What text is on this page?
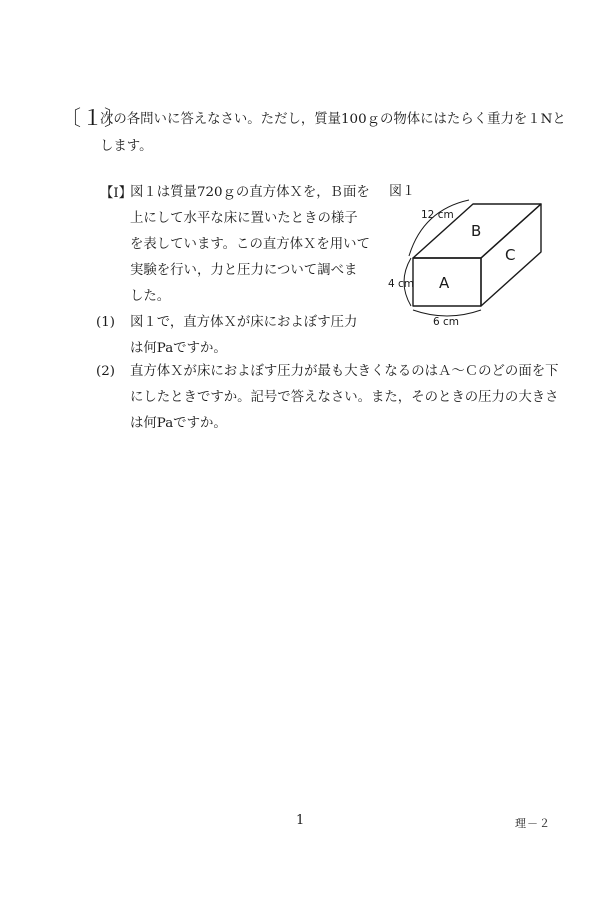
〔１〕
次の各問いに答えなさい。ただし，質量100ｇの物体にはたらく重力を１Nとします。
【Ⅰ】
図１は質量720ｇの直方体Ｘを，Ｂ面を上にして水平な床に置いたときの様子を表しています。この直方体Ｘを用いて実験を行い，力と圧力について調べました。
図１
A
B
C
12 cm
4 cm
6 cm
(1) 図１で，直方体Ｘが床におよぼす圧力は何Paですか。
(2) 直方体Ｘが床におよぼす圧力が最も大きくなるのはＡ～Ｃのどの面を下にしたときですか。記号で答えなさい。また，そのときの圧力の大きさは何Paですか。
1	理－２
